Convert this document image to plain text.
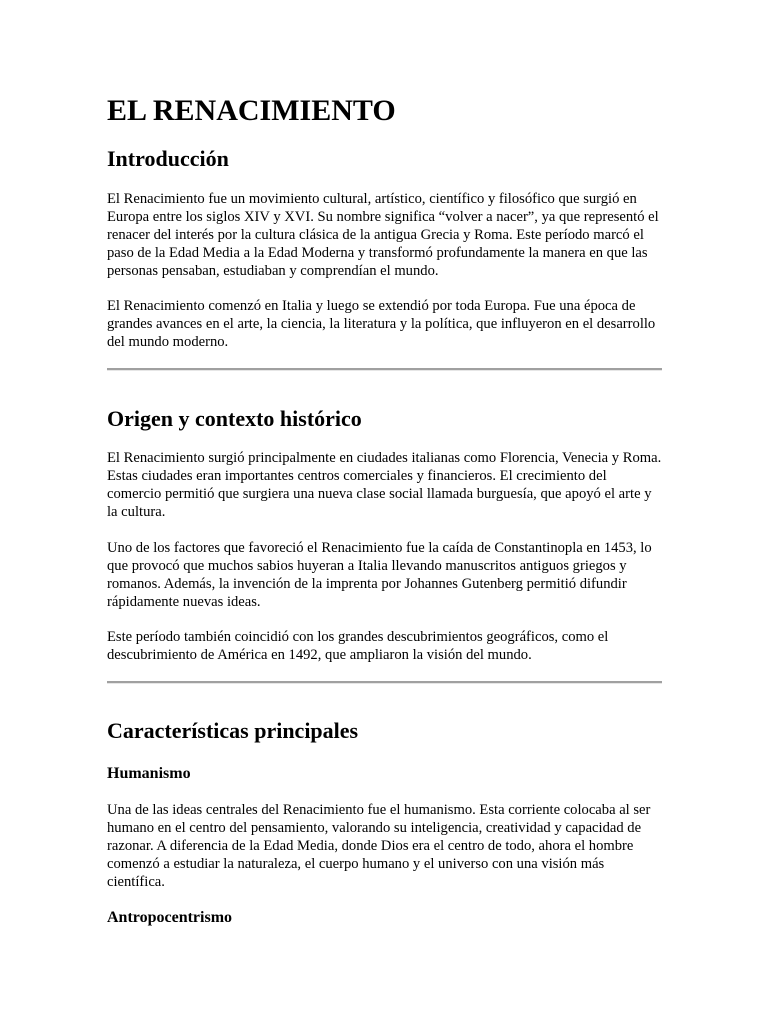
EL RENACIMIENTO
Introducción

El Renacimiento fue un movimiento cultural, artístico, científico y filosófico que surgió en Europa entre los siglos XIV y XVI. Su nombre significa “volver a nacer”, ya que representó el renacer del interés por la cultura clásica de la antigua Grecia y Roma. Este período marcó el paso de la Edad Media a la Edad Moderna y transformó profundamente la manera en que las personas pensaban, estudiaban y comprendían el mundo.

El Renacimiento comenzó en Italia y luego se extendió por toda Europa. Fue una época de grandes avances en el arte, la ciencia, la literatura y la política, que influyeron en el desarrollo del mundo moderno.

Origen y contexto histórico

El Renacimiento surgió principalmente en ciudades italianas como Florencia, Venecia y Roma. Estas ciudades eran importantes centros comerciales y financieros. El crecimiento del comercio permitió que surgiera una nueva clase social llamada burguesía, que apoyó el arte y la cultura.

Uno de los factores que favoreció el Renacimiento fue la caída de Constantinopla en 1453, lo que provocó que muchos sabios huyeran a Italia llevando manuscritos antiguos griegos y romanos. Además, la invención de la imprenta por Johannes Gutenberg permitió difundir rápidamente nuevas ideas.

Este período también coincidió con los grandes descubrimientos geográficos, como el descubrimiento de América en 1492, que ampliaron la visión del mundo.

Características principales
Humanismo

Una de las ideas centrales del Renacimiento fue el humanismo. Esta corriente colocaba al ser humano en el centro del pensamiento, valorando su inteligencia, creatividad y capacidad de razonar. A diferencia de la Edad Media, donde Dios era el centro de todo, ahora el hombre comenzó a estudiar la naturaleza, el cuerpo humano y el universo con una visión más científica.

Antropocentrismo
